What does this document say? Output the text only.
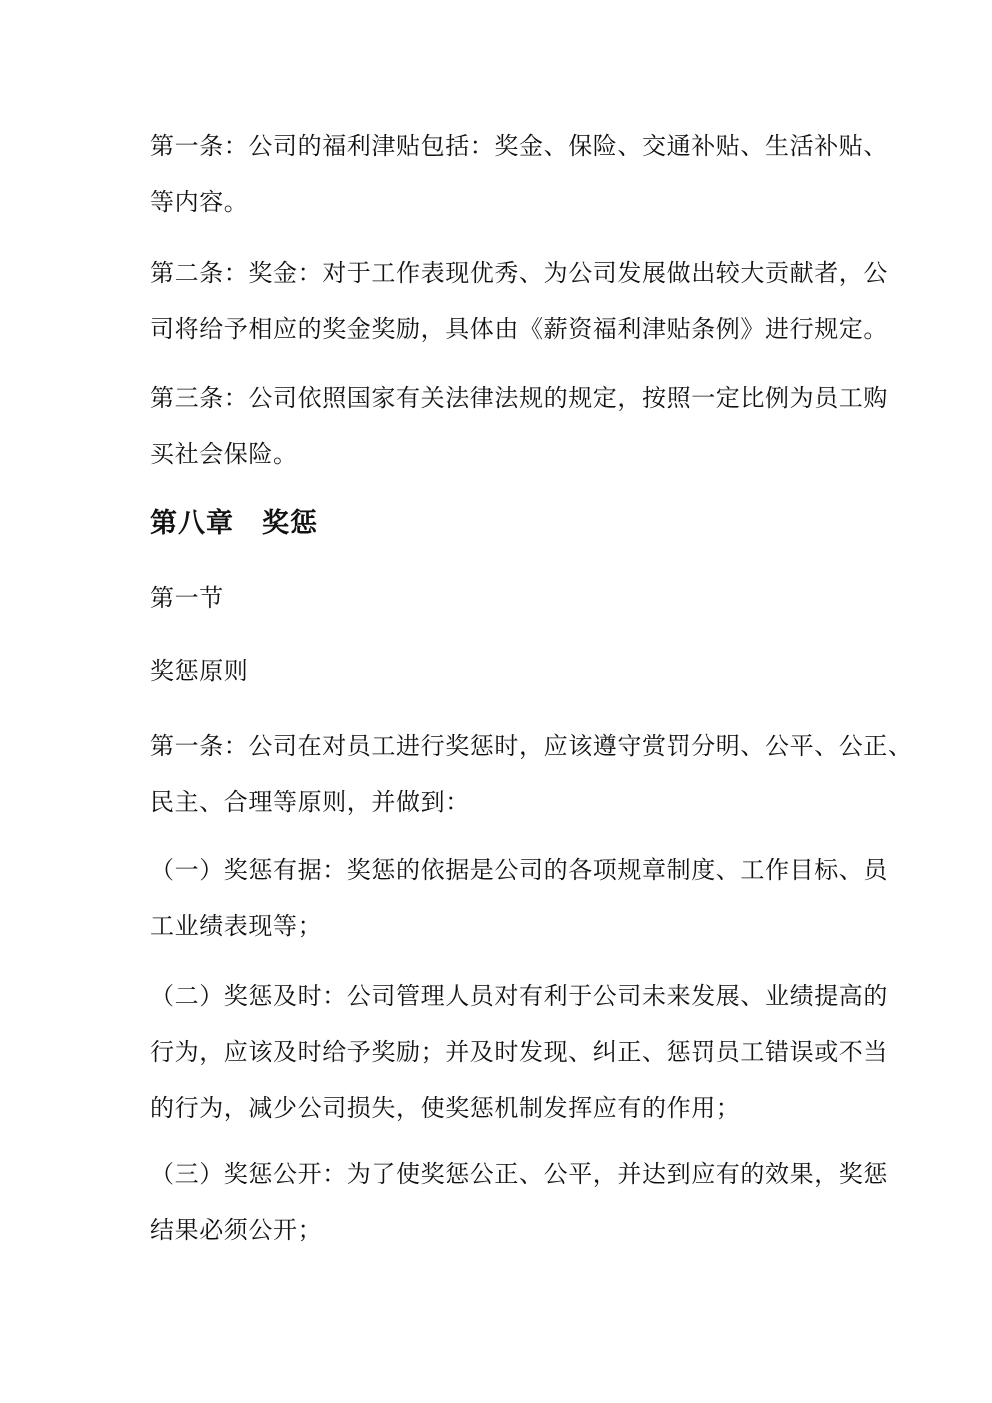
第一条：公司的福利津贴包括：奖金、保险、交通补贴、生活补贴、
等内容。
第二条：奖金：对于工作表现优秀、为公司发展做出较大贡献者，公
司将给予相应的奖金奖励，具体由《薪资福利津贴条例》进行规定。
第三条：公司依照国家有关法律法规的规定，按照一定比例为员工购
买社会保险。
第八章　奖惩
第一节
奖惩原则
第一条：公司在对员工进行奖惩时，应该遵守赏罚分明、公平、公正、
民主、合理等原则，并做到：
（一）奖惩有据：奖惩的依据是公司的各项规章制度、工作目标、员
工业绩表现等；
（二）奖惩及时：公司管理人员对有利于公司未来发展、业绩提高的
行为，应该及时给予奖励；并及时发现、纠正、惩罚员工错误或不当
的行为，减少公司损失，使奖惩机制发挥应有的作用；
（三）奖惩公开：为了使奖惩公正、公平，并达到应有的效果，奖惩
结果必须公开；
